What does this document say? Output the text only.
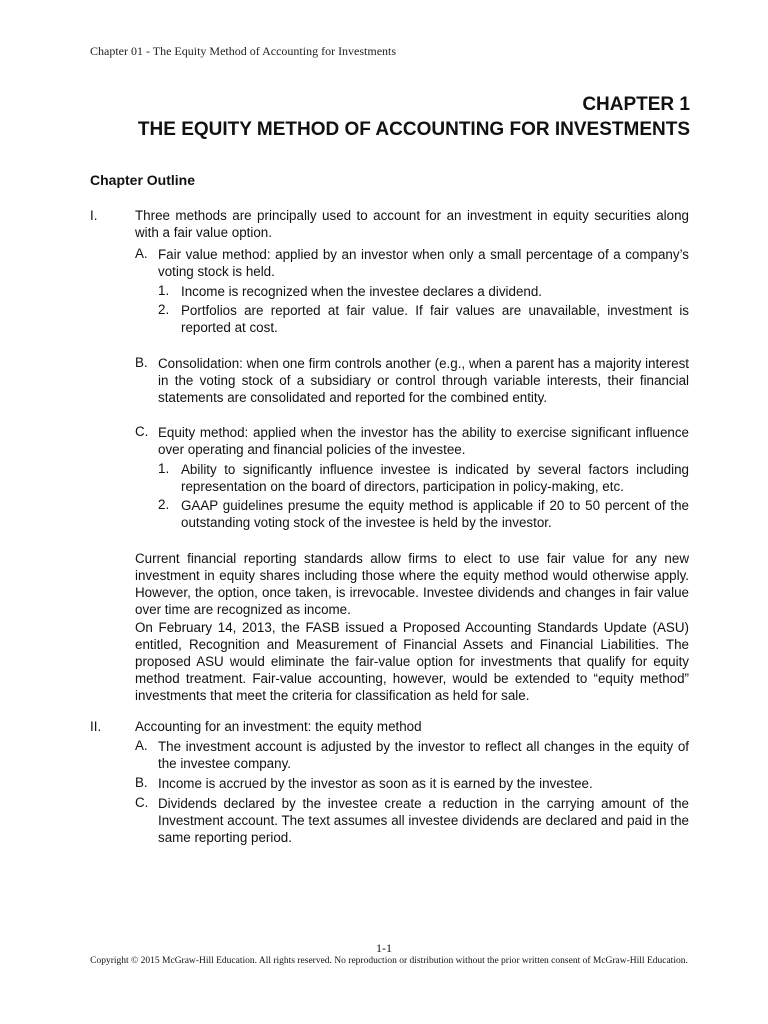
Chapter 01 - The Equity Method of Accounting for Investments
CHAPTER 1
THE EQUITY METHOD OF ACCOUNTING FOR INVESTMENTS
Chapter Outline
I.	Three methods are principally used to account for an investment in equity securities along with a fair value option.
A. Fair value method: applied by an investor when only a small percentage of a company’s voting stock is held.
1. Income is recognized when the investee declares a dividend.
2. Portfolios are reported at fair value. If fair values are unavailable, investment is reported at cost.
B. Consolidation: when one firm controls another (e.g., when a parent has a majority interest in the voting stock of a subsidiary or control through variable interests, their financial statements are consolidated and reported for the combined entity.
C. Equity method: applied when the investor has the ability to exercise significant influence over operating and financial policies of the investee.
1. Ability to significantly influence investee is indicated by several factors including representation on the board of directors, participation in policy-making, etc.
2. GAAP guidelines presume the equity method is applicable if 20 to 50 percent of the outstanding voting stock of the investee is held by the investor.
Current financial reporting standards allow firms to elect to use fair value for any new investment in equity shares including those where the equity method would otherwise apply. However, the option, once taken, is irrevocable. Investee dividends and changes in fair value over time are recognized as income.
On February 14, 2013, the FASB issued a Proposed Accounting Standards Update (ASU) entitled, Recognition and Measurement of Financial Assets and Financial Liabilities. The proposed ASU would eliminate the fair-value option for investments that qualify for equity method treatment. Fair-value accounting, however, would be extended to “equity method” investments that meet the criteria for classification as held for sale.
II.	Accounting for an investment: the equity method
A. The investment account is adjusted by the investor to reflect all changes in the equity of the investee company.
B. Income is accrued by the investor as soon as it is earned by the investee.
C. Dividends declared by the investee create a reduction in the carrying amount of the Investment account. The text assumes all investee dividends are declared and paid in the same reporting period.
1-1
Copyright © 2015 McGraw-Hill Education. All rights reserved. No reproduction or distribution without the prior written consent of McGraw-Hill Education.
